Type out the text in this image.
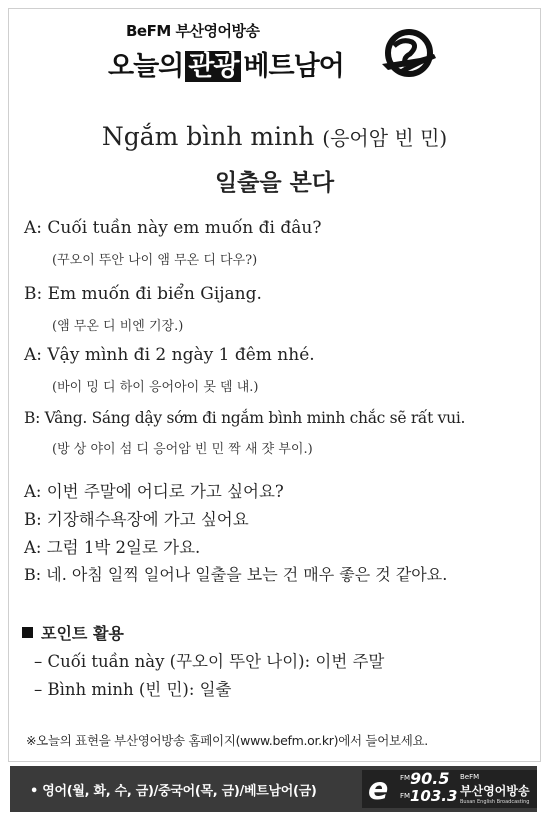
BeFM 부산영어방송
오늘의 관광 베트남어
Ngắm bình minh (응어암 빈 민)
일출을 본다
A: Cuối tuần này em muốn đi đâu?
(꾸오이 뚜안 나이 앰 무온 디 다우?)
B: Em muốn đi biển Gijang.
(앰 무온 디 비엔 기장.)
A: Vậy mình đi 2 ngày 1 đêm nhé.
(바이 밍 디 하이 응어아이 못 뎀 냬.)
B: Vâng. Sáng dậy sớm đi ngắm bình minh chắc sẽ rất vui.
(방 상 야이 섬 디 응어암 빈 민 짝 새 쟛 부이.)
A: 이번 주말에 어디로 가고 싶어요?
B: 기장해수욕장에 가고 싶어요
A: 그럼 1박 2일로 가요.
B: 네. 아침 일찍 일어나 일출을 보는 건 매우 좋은 것 같아요.
포인트 활용
– Cuối tuần này (꾸오이 뚜안 나이): 이번 주말
– Bình minh (빈 민): 일출
※오늘의 표현을 부산영어방송 홈페이지(www.befm.or.kr)에서 들어보세요.
• 영어(월, 화, 수, 금)/중국어(목, 금)/베트남어(금) e FM 90.5
FM 103.3
BeFM
부산영어방송
Busan English Broadcasting
